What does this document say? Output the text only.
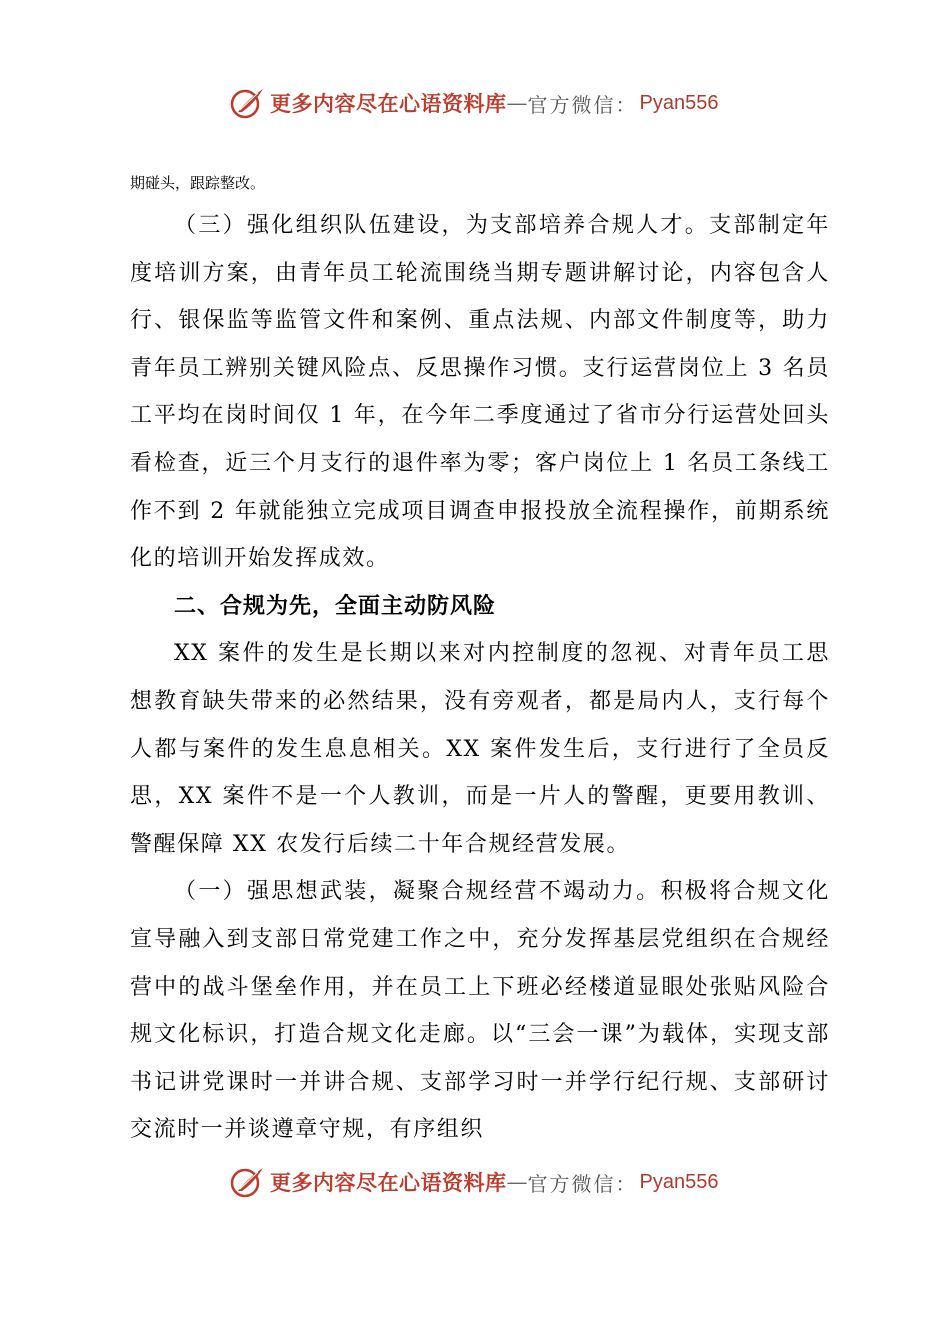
更多内容尽在心语资料库 — 官方微信： Pyan556

期碰头，跟踪整改。

（三）强化组织队伍建设，为支部培养合规人才。支部制定年度培训方案，由青年员工轮流围绕当期专题讲解讨论，内容包含人行、银保监等监管文件和案例、重点法规、内部文件制度等，助力青年员工辨别关键风险点、反思操作习惯。支行运营岗位上 3 名员工平均在岗时间仅 1 年，在今年二季度通过了省市分行运营处回头看检查，近三个月支行的退件率为零；客户岗位上 1 名员工条线工作不到 2 年就能独立完成项目调查申报投放全流程操作，前期系统化的培训开始发挥成效。

二、合规为先，全面主动防风险

XX 案件的发生是长期以来对内控制度的忽视、对青年员工思想教育缺失带来的必然结果，没有旁观者，都是局内人，支行每个人都与案件的发生息息相关。XX 案件发生后，支行进行了全员反思，XX 案件不是一个人教训，而是一片人的警醒，更要用教训、警醒保障 XX 农发行后续二十年合规经营发展。

（一）强思想武装，凝聚合规经营不竭动力。积极将合规文化宣导融入到支部日常党建工作之中，充分发挥基层党组织在合规经营中的战斗堡垒作用，并在员工上下班必经楼道显眼处张贴风险合规文化标识，打造合规文化走廊。以“三会一课”为载体，实现支部书记讲党课时一并讲合规、支部学习时一并学行纪行规、支部研讨交流时一并谈遵章守规，有序组织

更多内容尽在心语资料库 — 官方微信： Pyan556
